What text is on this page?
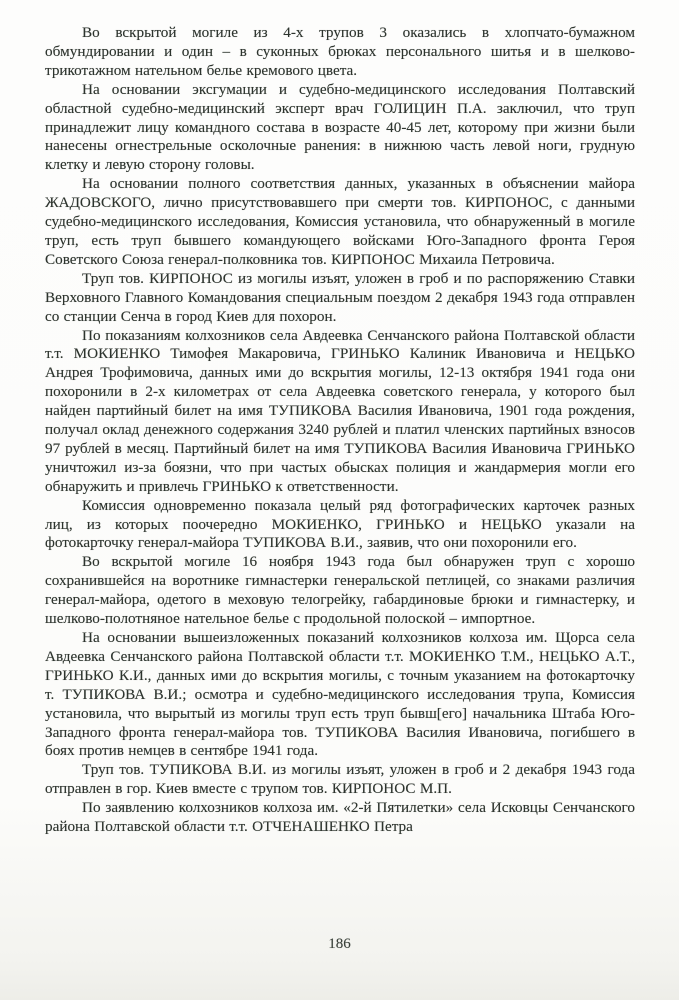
Во вскрытой могиле из 4-х трупов 3 оказались в хлопчато-бумажном обмундировании и один – в суконных брюках персонального шитья и в шелково-трикотажном нательном белье кремового цвета.

На основании эксгумации и судебно-медицинского исследования Полтавский областной судебно-медицинский эксперт врач ГОЛИЦИН П.А. заключил, что труп принадлежит лицу командного состава в возрасте 40-45 лет, которому при жизни были нанесены огнестрельные осколочные ранения: в нижнюю часть левой ноги, грудную клетку и левую сторону головы.

На основании полного соответствия данных, указанных в объяснении майора ЖАДОВСКОГО, лично присутствовавшего при смерти тов. КИРПОНОС, с данными судебно-медицинского исследования, Комиссия установила, что обнаруженный в могиле труп, есть труп бывшего командующего войсками Юго-Западного фронта Героя Советского Союза генерал-полковника тов. КИРПОНОС Михаила Петровича.

Труп тов. КИРПОНОС из могилы изъят, уложен в гроб и по распоряжению Ставки Верховного Главного Командования специальным поездом 2 декабря 1943 года отправлен со станции Сенча в город Киев для похорон.

По показаниям колхозников села Авдеевка Сенчанского района Полтавской области т.т. МОКИЕНКО Тимофея Макаровича, ГРИНЬКО Калиник Ивановича и НЕЦЬКО Андрея Трофимовича, данных ими до вскрытия могилы, 12-13 октября 1941 года они похоронили в 2-х километрах от села Авдеевка советского генерала, у которого был найден партийный билет на имя ТУПИКОВА Василия Ивановича, 1901 года рождения, получал оклад денежного содержания 3240 рублей и платил членских партийных взносов 97 рублей в месяц. Партийный билет на имя ТУПИКОВА Василия Ивановича ГРИНЬКО уничтожил из-за боязни, что при частых обысках полиция и жандармерия могли его обнаружить и привлечь ГРИНЬКО к ответственности.

Комиссия одновременно показала целый ряд фотографических карточек разных лиц, из которых поочередно МОКИЕНКО, ГРИНЬКО и НЕЦЬКО указали на фотокарточку генерал-майора ТУПИКОВА В.И., заявив, что они похоронили его.

Во вскрытой могиле 16 ноября 1943 года был обнаружен труп с хорошо сохранившейся на воротнике гимнастерки генеральской петлицей, со знаками различия генерал-майора, одетого в меховую телогрейку, габардиновые брюки и гимнастерку, и шелково-полотняное нательное белье с продольной полоской – импортное.

На основании вышеизложенных показаний колхозников колхоза им. Щорса села Авдеевка Сенчанского района Полтавской области т.т. МОКИЕНКО Т.М., НЕЦЬКО А.Т., ГРИНЬКО К.И., данных ими до вскрытия могилы, с точным указанием на фотокарточку т. ТУПИКОВА В.И.; осмотра и судебно-медицинского исследования трупа, Комиссия установила, что вырытый из могилы труп есть труп бывш[его] начальника Штаба Юго-Западного фронта генерал-майора тов. ТУПИКОВА Василия Ивановича, погибшего в боях против немцев в сентябре 1941 года.

Труп тов. ТУПИКОВА В.И. из могилы изъят, уложен в гроб и 2 декабря 1943 года отправлен в гор. Киев вместе с трупом тов. КИРПОНОС М.П.

По заявлению колхозников колхоза им. «2-й Пятилетки» села Исковцы Сенчанского района Полтавской области т.т. ОТЧЕНАШЕНКО Петра

186
